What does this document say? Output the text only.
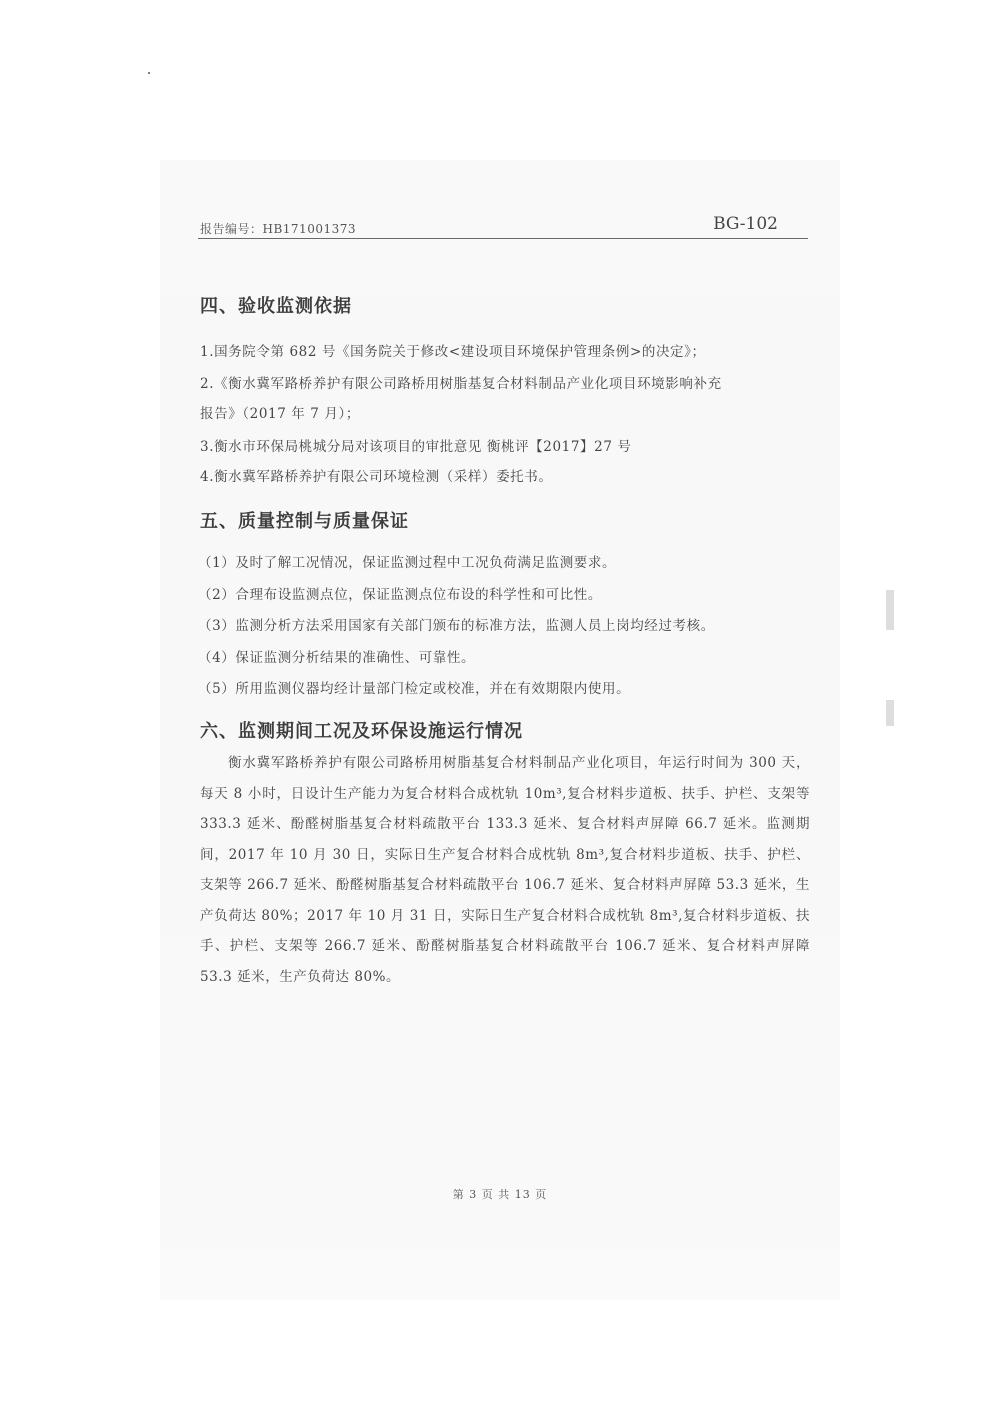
报告编号：HB171001373	BG-102
四、验收监测依据
1.国务院令第 682 号《国务院关于修改<建设项目环境保护管理条例>的决定》；
2.《衡水冀军路桥养护有限公司路桥用树脂基复合材料制品产业化项目环境影响补充
报告》（2017 年 7 月）；
3.衡水市环保局桃城分局对该项目的审批意见 衡桃评【2017】27 号
4.衡水冀军路桥养护有限公司环境检测（采样）委托书。
五、质量控制与质量保证
（1）及时了解工况情况，保证监测过程中工况负荷满足监测要求。
（2）合理布设监测点位，保证监测点位布设的科学性和可比性。
（3）监测分析方法采用国家有关部门颁布的标准方法，监测人员上岗均经过考核。
（4）保证监测分析结果的准确性、可靠性。
（5）所用监测仪器均经计量部门检定或校准，并在有效期限内使用。
六、监测期间工况及环保设施运行情况
衡水冀军路桥养护有限公司路桥用树脂基复合材料制品产业化项目，年运行时间为 300 天，每天 8 小时，日设计生产能力为复合材料合成枕轨 10m³,复合材料步道板、扶手、护栏、支架等 333.3 延米、酚醛树脂基复合材料疏散平台 133.3 延米、复合材料声屏障 66.7 延米。监测期间，2017 年 10 月 30 日，实际日生产复合材料合成枕轨 8m³,复合材料步道板、扶手、护栏、支架等 266.7 延米、酚醛树脂基复合材料疏散平台 106.7 延米、复合材料声屏障 53.3 延米，生产负荷达 80%；2017 年 10 月 31 日，实际日生产复合材料合成枕轨 8m³,复合材料步道板、扶手、护栏、支架等 266.7 延米、酚醛树脂基复合材料疏散平台 106.7 延米、复合材料声屏障 53.3 延米，生产负荷达 80%。
第 3 页 共 13 页
